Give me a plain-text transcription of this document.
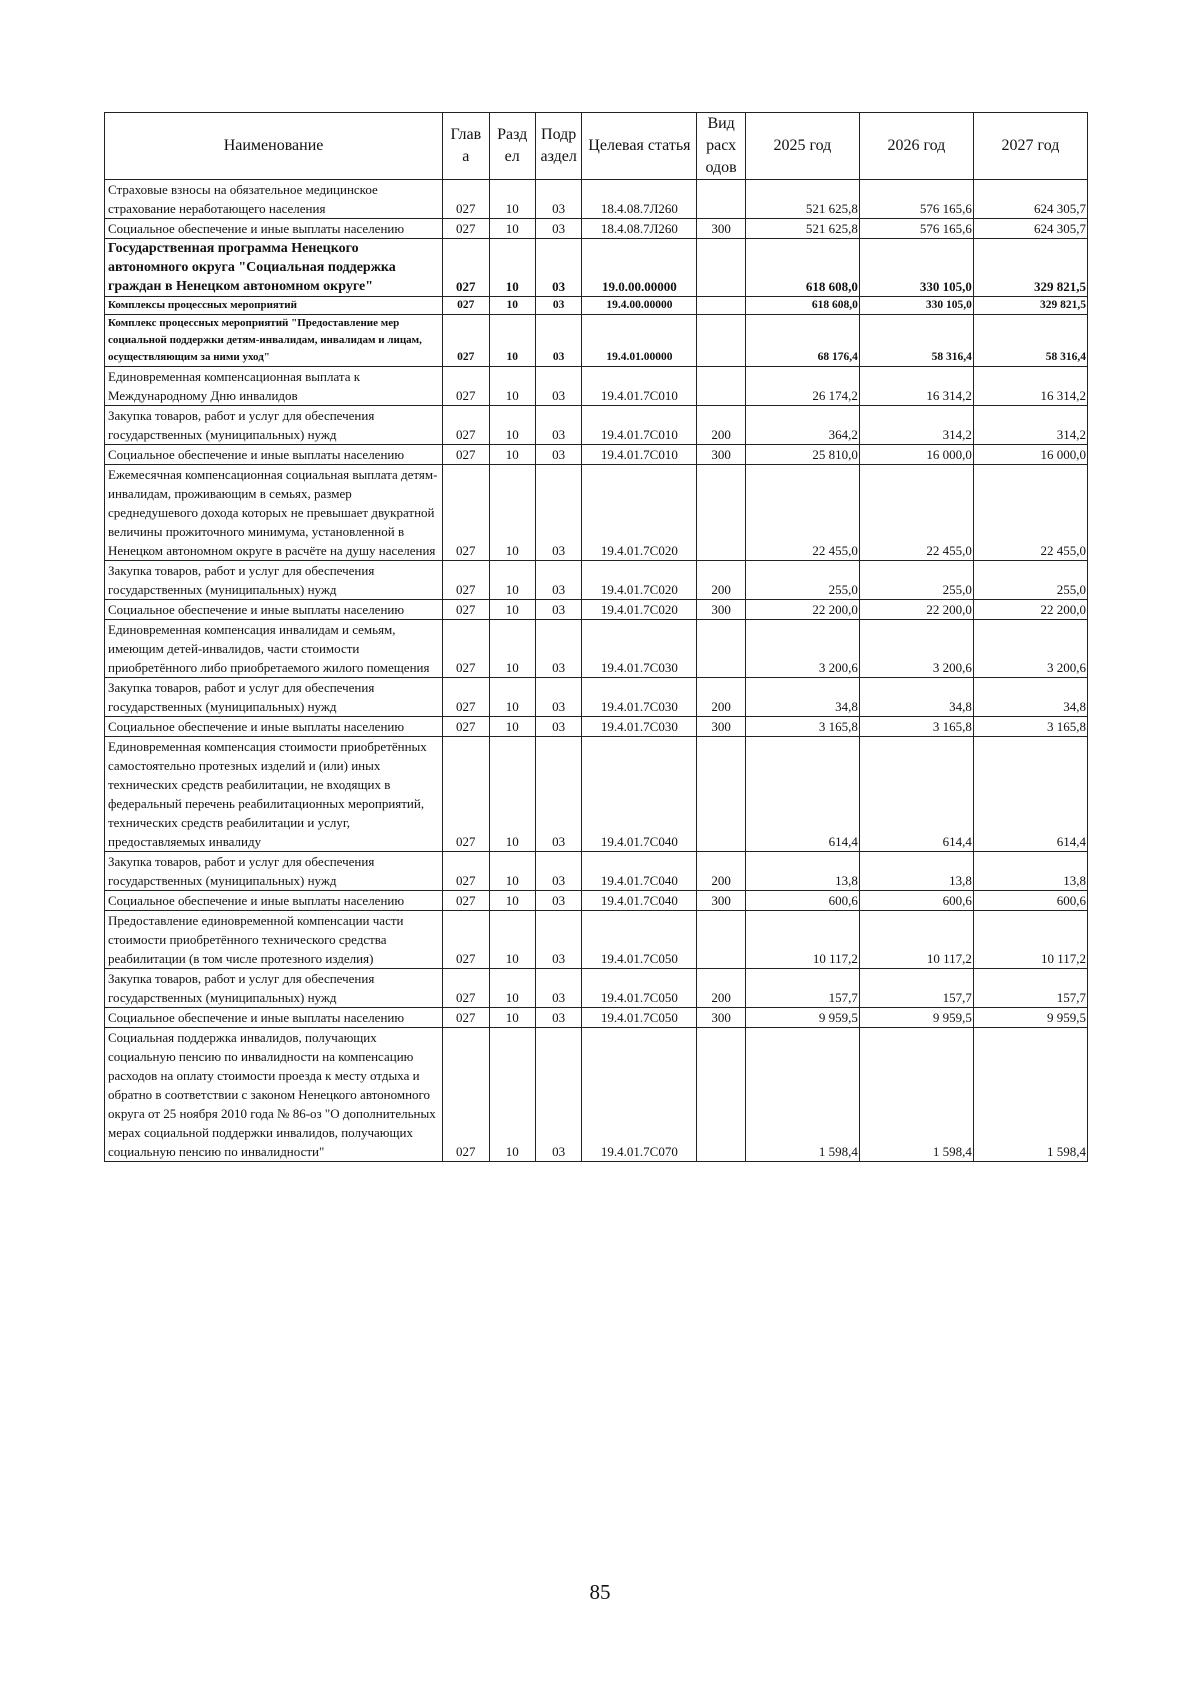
Наименование	Глав а	Разд ел	Подр аздел	Целевая статья	Вид расх одов	2025 год	2026 год	2027 год
Страховые взносы на обязательное медицинское страхование неработающего населения	027	10	03	18.4.08.7Л260		521 625,8	576 165,6	624 305,7
Социальное обеспечение и иные выплаты населению	027	10	03	18.4.08.7Л260	300	521 625,8	576 165,6	624 305,7
Государственная программа Ненецкого автономного округа "Социальная поддержка граждан в Ненецком автономном округе"	027	10	03	19.0.00.00000		618 608,0	330 105,0	329 821,5
Комплексы процессных мероприятий	027	10	03	19.4.00.00000		618 608,0	330 105,0	329 821,5
Комплекс процессных мероприятий "Предоставление мер социальной поддержки детям-инвалидам, инвалидам и лицам, осуществляющим за ними уход"	027	10	03	19.4.01.00000		68 176,4	58 316,4	58 316,4
Единовременная компенсационная выплата к Международному Дню инвалидов	027	10	03	19.4.01.7С010		26 174,2	16 314,2	16 314,2
Закупка товаров, работ и услуг для обеспечения государственных (муниципальных) нужд	027	10	03	19.4.01.7С010	200	364,2	314,2	314,2
Социальное обеспечение и иные выплаты населению	027	10	03	19.4.01.7С010	300	25 810,0	16 000,0	16 000,0
Ежемесячная компенсационная социальная выплата детям-инвалидам, проживающим в семьях, размер среднедушевого дохода которых не превышает двукратной величины прожиточного минимума, установленной в Ненецком автономном округе в расчёте на душу населения	027	10	03	19.4.01.7С020		22 455,0	22 455,0	22 455,0
Закупка товаров, работ и услуг для обеспечения государственных (муниципальных) нужд	027	10	03	19.4.01.7С020	200	255,0	255,0	255,0
Социальное обеспечение и иные выплаты населению	027	10	03	19.4.01.7С020	300	22 200,0	22 200,0	22 200,0
Единовременная компенсация инвалидам и семьям, имеющим детей-инвалидов, части стоимости приобретённого либо приобретаемого жилого помещения	027	10	03	19.4.01.7С030		3 200,6	3 200,6	3 200,6
Закупка товаров, работ и услуг для обеспечения государственных (муниципальных) нужд	027	10	03	19.4.01.7С030	200	34,8	34,8	34,8
Социальное обеспечение и иные выплаты населению	027	10	03	19.4.01.7С030	300	3 165,8	3 165,8	3 165,8
Единовременная компенсация стоимости приобретённых самостоятельно протезных изделий и (или) иных технических средств реабилитации, не входящих в федеральный перечень реабилитационных мероприятий, технических средств реабилитации и услуг, предоставляемых инвалиду	027	10	03	19.4.01.7С040		614,4	614,4	614,4
Закупка товаров, работ и услуг для обеспечения государственных (муниципальных) нужд	027	10	03	19.4.01.7С040	200	13,8	13,8	13,8
Социальное обеспечение и иные выплаты населению	027	10	03	19.4.01.7С040	300	600,6	600,6	600,6
Предоставление единовременной компенсации части стоимости приобретённого технического средства реабилитации (в том числе протезного изделия)	027	10	03	19.4.01.7С050		10 117,2	10 117,2	10 117,2
Закупка товаров, работ и услуг для обеспечения государственных (муниципальных) нужд	027	10	03	19.4.01.7С050	200	157,7	157,7	157,7
Социальное обеспечение и иные выплаты населению	027	10	03	19.4.01.7С050	300	9 959,5	9 959,5	9 959,5
Социальная поддержка инвалидов, получающих социальную пенсию по инвалидности на компенсацию расходов на оплату стоимости проезда к месту отдыха и обратно в соответствии с законом Ненецкого автономного округа от 25 ноября 2010 года № 86-оз "О дополнительных мерах социальной поддержки инвалидов, получающих социальную пенсию по инвалидности"	027	10	03	19.4.01.7С070		1 598,4	1 598,4	1 598,4
85
